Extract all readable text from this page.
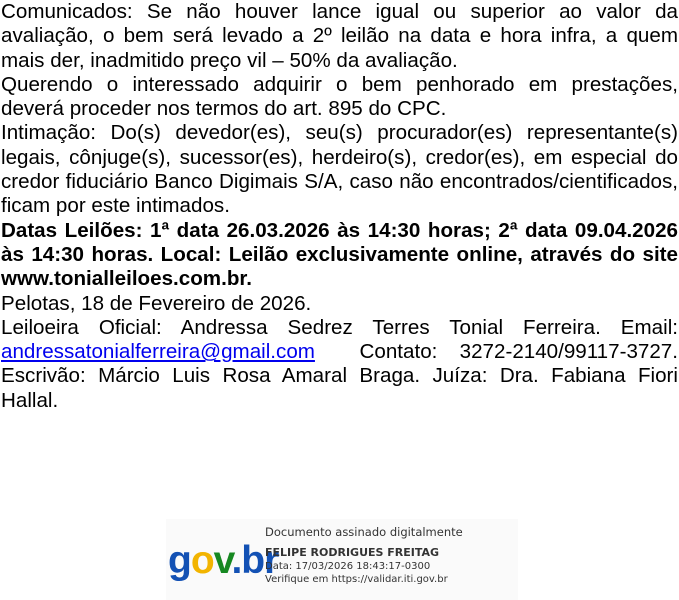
Comunicados: Se não houver lance igual ou superior ao valor da avaliação, o bem será levado a 2º leilão na data e hora infra, a quem mais der, inadmitido preço vil – 50% da avaliação.

Querendo o interessado adquirir o bem penhorado em prestações, deverá proceder nos termos do art. 895 do CPC.

Intimação: Do(s) devedor(es), seu(s) procurador(es) representante(s) legais, cônjuge(s), sucessor(es), herdeiro(s), credor(es), em especial do credor fiduciário Banco Digimais S/A, caso não encontrados/cientificados, ficam por este intimados.

Datas Leilões: 1ª data 26.03.2026 às 14:30 horas; 2ª data 09.04.2026 às 14:30 horas. Local: Leilão exclusivamente online, através do site www.tonialleiloes.com.br.

Pelotas, 18 de Fevereiro de 2026.

Leiloeira Oficial: Andressa Sedrez Terres Tonial Ferreira. Email: andressatonialferreira@gmail.com Contato: 3272-2140/99117-3727. Escrivão: Márcio Luis Rosa Amaral Braga. Juíza: Dra. Fabiana Fiori Hallal.

gov.br
Documento assinado digitalmente
FELIPE RODRIGUES FREITAG
Data: 17/03/2026 18:43:17-0300
Verifique em https://validar.iti.gov.br
